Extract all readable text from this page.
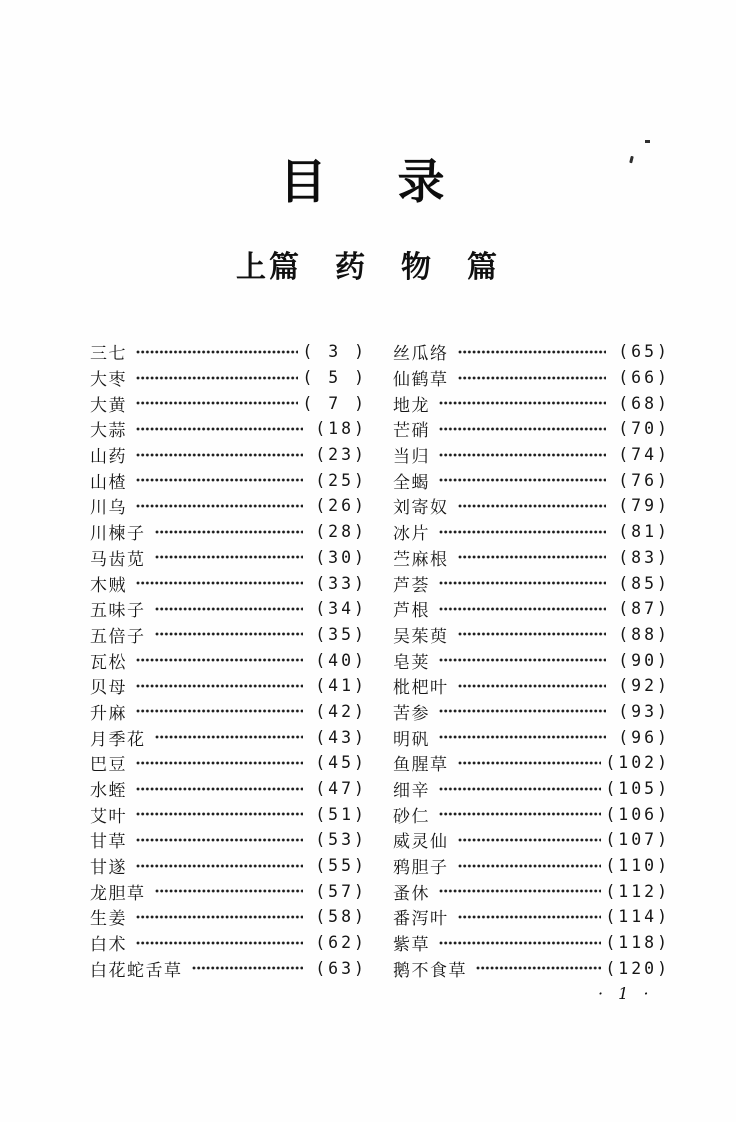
目　录
上篇　药　物　篇
三七	( 3 )
大枣	( 5 )
大黄	( 7 )
大蒜	(18)
山药	(23)
山楂	(25)
川乌	(26)
川楝子	(28)
马齿苋	(30)
木贼	(33)
五味子	(34)
五倍子	(35)
瓦松	(40)
贝母	(41)
升麻	(42)
月季花	(43)
巴豆	(45)
水蛭	(47)
艾叶	(51)
甘草	(53)
甘遂	(55)
龙胆草	(57)
生姜	(58)
白术	(62)
白花蛇舌草	(63)
丝瓜络	(65)
仙鹤草	(66)
地龙	(68)
芒硝	(70)
当归	(74)
全蝎	(76)
刘寄奴	(79)
冰片	(81)
苎麻根	(83)
芦荟	(85)
芦根	(87)
吴茱萸	(88)
皂荚	(90)
枇杷叶	(92)
苦参	(93)
明矾	(96)
鱼腥草	(102)
细辛	(105)
砂仁	(106)
威灵仙	(107)
鸦胆子	(110)
蚤休	(112)
番泻叶	(114)
紫草	(118)
鹅不食草	(120)
· 1 ·
